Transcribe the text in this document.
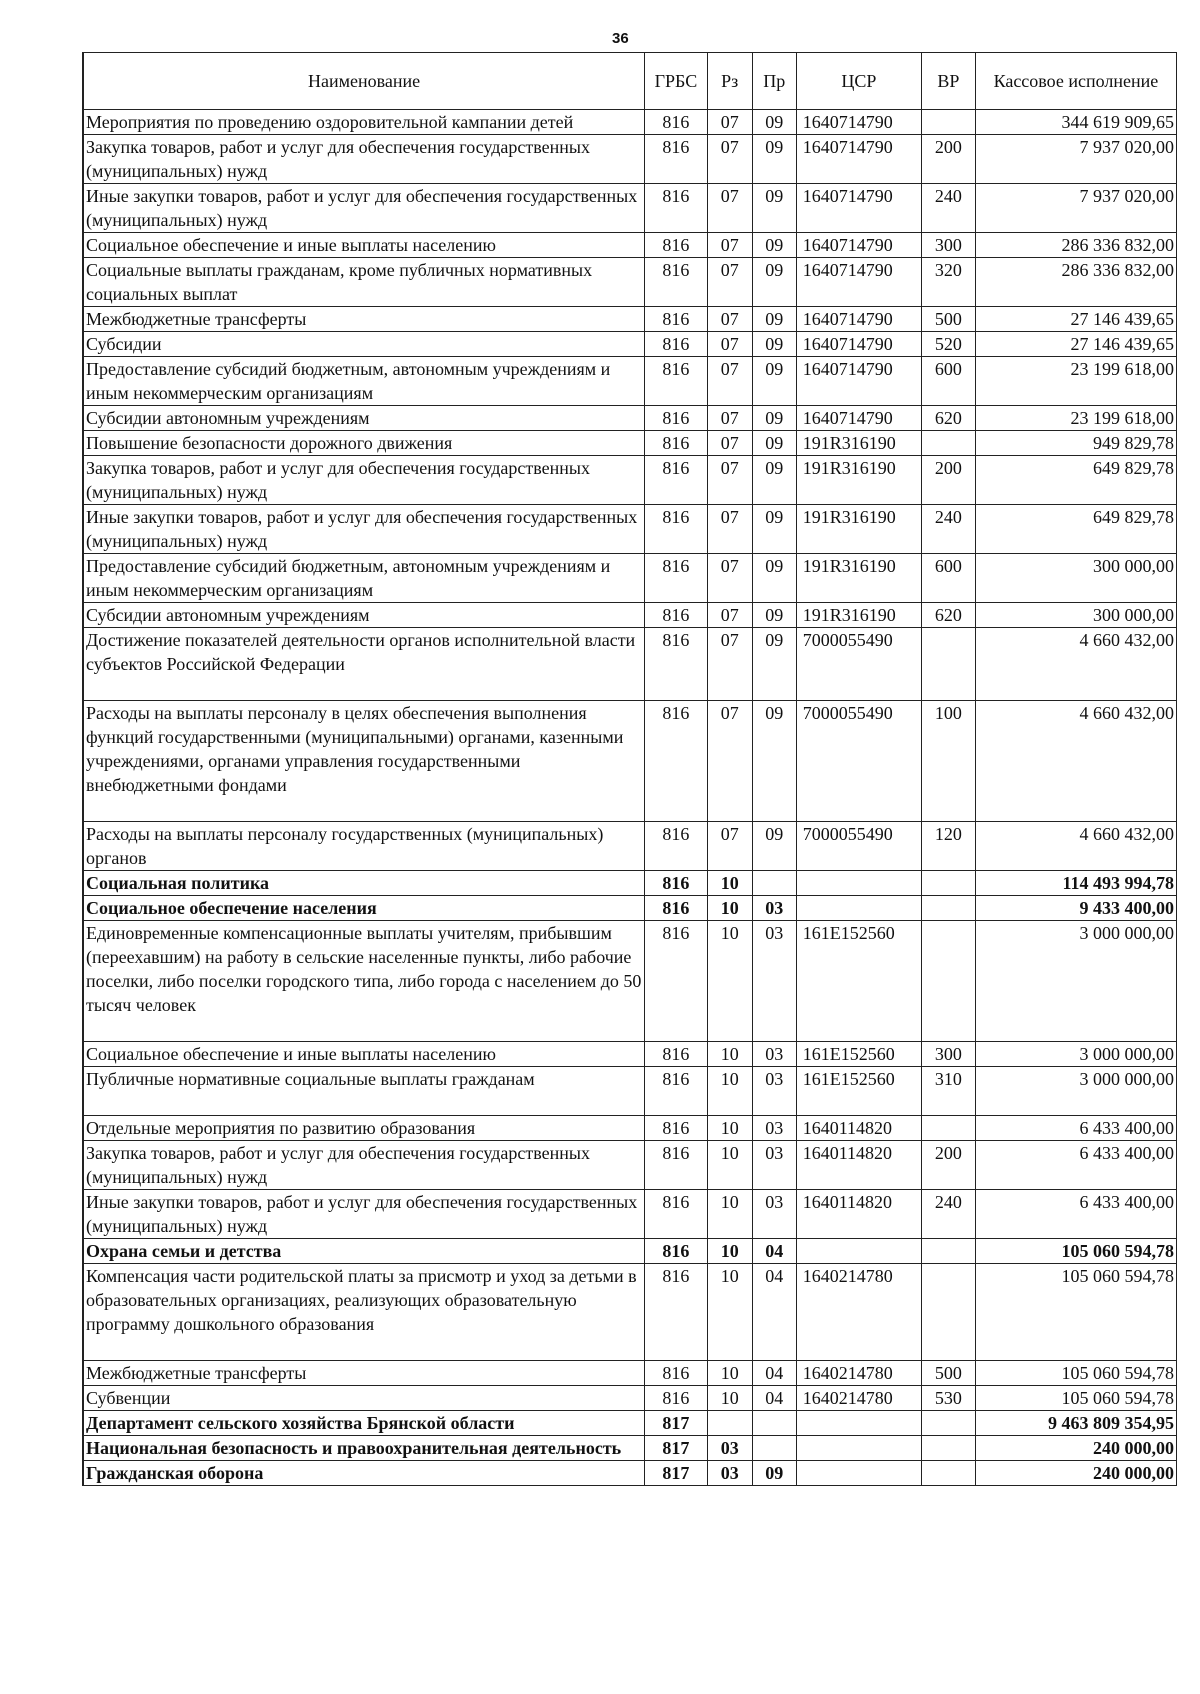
36
Наименование	ГРБС	Рз	Пр	ЦСР	ВР	Кассовое исполнение
Мероприятия по проведению оздоровительной кампании детей	816	07	09	1640714790		344 619 909,65
Закупка товаров, работ и услуг для обеспечения государственных (муниципальных) нужд	816	07	09	1640714790	200	7 937 020,00
Иные закупки товаров, работ и услуг для обеспечения государственных (муниципальных) нужд	816	07	09	1640714790	240	7 937 020,00
Социальное обеспечение и иные выплаты населению	816	07	09	1640714790	300	286 336 832,00
Социальные выплаты гражданам, кроме публичных нормативных социальных выплат	816	07	09	1640714790	320	286 336 832,00
Межбюджетные трансферты	816	07	09	1640714790	500	27 146 439,65
Субсидии	816	07	09	1640714790	520	27 146 439,65
Предоставление субсидий бюджетным, автономным учреждениям и иным некоммерческим организациям	816	07	09	1640714790	600	23 199 618,00
Субсидии автономным учреждениям	816	07	09	1640714790	620	23 199 618,00
Повышение безопасности дорожного движения	816	07	09	191R316190		949 829,78
Закупка товаров, работ и услуг для обеспечения государственных (муниципальных) нужд	816	07	09	191R316190	200	649 829,78
Иные закупки товаров, работ и услуг для обеспечения государственных (муниципальных) нужд	816	07	09	191R316190	240	649 829,78
Предоставление субсидий бюджетным, автономным учреждениям и иным некоммерческим организациям	816	07	09	191R316190	600	300 000,00
Субсидии автономным учреждениям	816	07	09	191R316190	620	300 000,00
Достижение показателей деятельности органов исполнительной власти субъектов Российской Федерации	816	07	09	7000055490		4 660 432,00
Расходы на выплаты персоналу в целях обеспечения выполнения функций государственными (муниципальными) органами, казенными учреждениями, органами управления государственными внебюджетными фондами	816	07	09	7000055490	100	4 660 432,00
Расходы на выплаты персоналу государственных (муниципальных) органов	816	07	09	7000055490	120	4 660 432,00
Социальная политика	816	10				114 493 994,78
Социальное обеспечение населения	816	10	03			9 433 400,00
Единовременные компенсационные выплаты учителям, прибывшим (переехавшим) на работу в сельские населенные пункты, либо рабочие поселки, либо поселки городского типа, либо города с населением до 50 тысяч человек	816	10	03	161E152560		3 000 000,00
Социальное обеспечение и иные выплаты населению	816	10	03	161E152560	300	3 000 000,00
Публичные нормативные социальные выплаты гражданам	816	10	03	161E152560	310	3 000 000,00
Отдельные мероприятия по развитию образования	816	10	03	1640114820		6 433 400,00
Закупка товаров, работ и услуг для обеспечения государственных (муниципальных) нужд	816	10	03	1640114820	200	6 433 400,00
Иные закупки товаров, работ и услуг для обеспечения государственных (муниципальных) нужд	816	10	03	1640114820	240	6 433 400,00
Охрана семьи и детства	816	10	04			105 060 594,78
Компенсация части родительской платы за присмотр и уход за детьми в образовательных организациях, реализующих образовательную программу дошкольного образования	816	10	04	1640214780		105 060 594,78
Межбюджетные трансферты	816	10	04	1640214780	500	105 060 594,78
Субвенции	816	10	04	1640214780	530	105 060 594,78
Департамент сельского хозяйства Брянской области	817					9 463 809 354,95
Национальная безопасность и правоохранительная деятельность	817	03				240 000,00
Гражданская оборона	817	03	09			240 000,00
